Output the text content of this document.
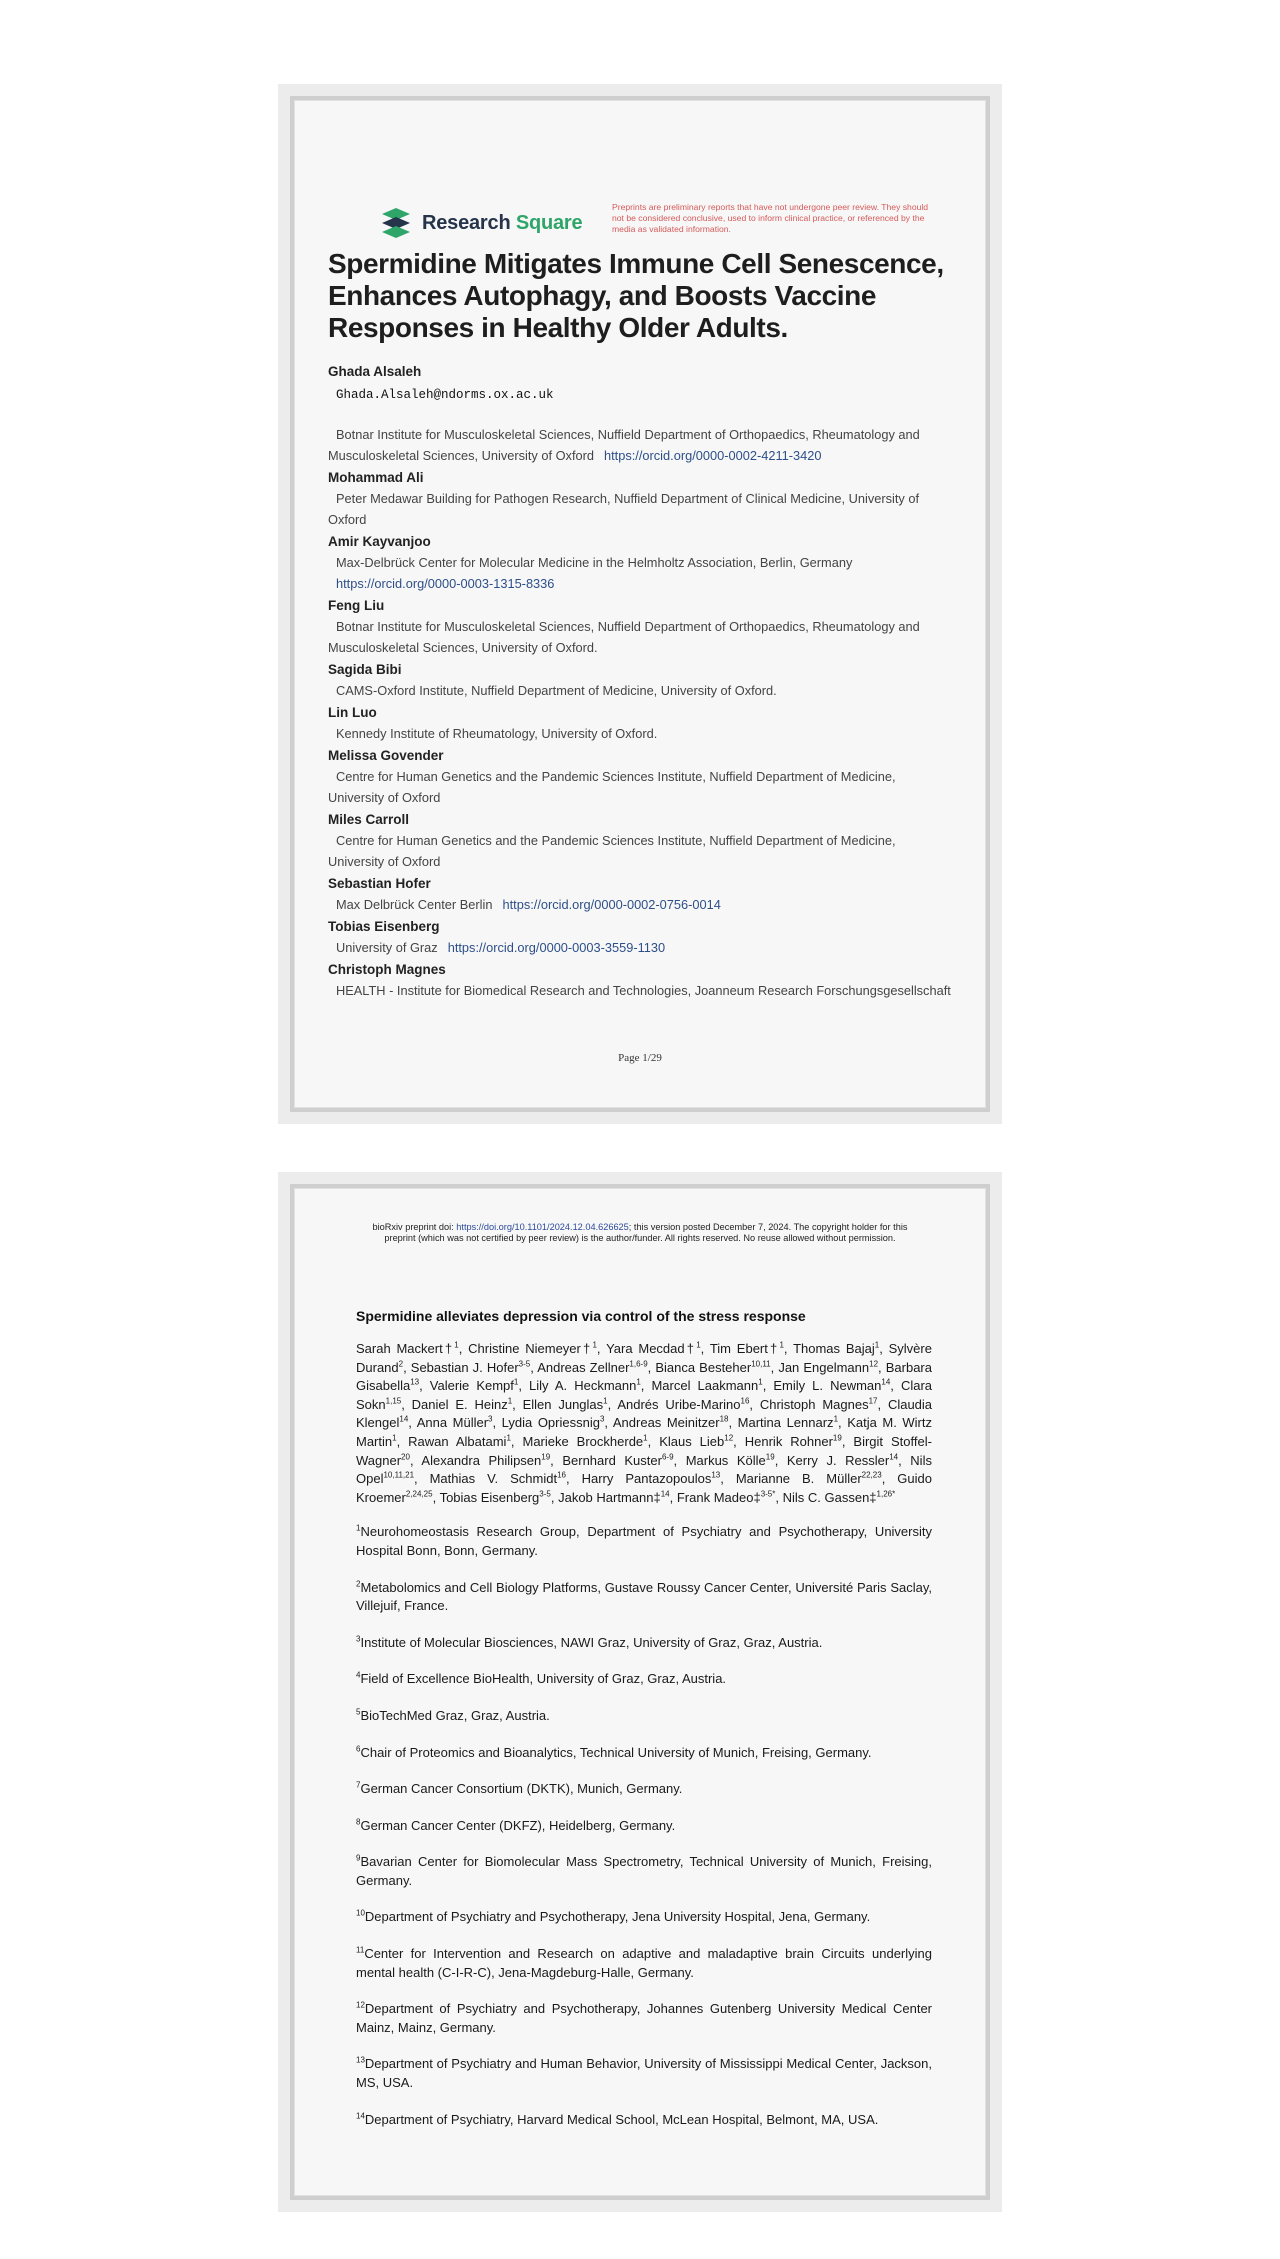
Research Square
Preprints are preliminary reports that have not undergone peer review. They should not be considered conclusive, used to inform clinical practice, or referenced by the media as validated information.
Spermidine Mitigates Immune Cell Senescence, Enhances Autophagy, and Boosts Vaccine Responses in Healthy Older Adults.
Ghada Alsaleh
Ghada.Alsaleh@ndorms.ox.ac.uk
Botnar Institute for Musculoskeletal Sciences, Nuffield Department of Orthopaedics, Rheumatology and Musculoskeletal Sciences, University of Oxford https://orcid.org/0000-0002-4211-3420
Mohammad Ali
Peter Medawar Building for Pathogen Research, Nuffield Department of Clinical Medicine, University of Oxford
Amir Kayvanjoo
Max-Delbrück Center for Molecular Medicine in the Helmholtz Association, Berlin, Germany
https://orcid.org/0000-0003-1315-8336
Feng Liu
Botnar Institute for Musculoskeletal Sciences, Nuffield Department of Orthopaedics, Rheumatology and Musculoskeletal Sciences, University of Oxford.
Sagida Bibi
CAMS-Oxford Institute, Nuffield Department of Medicine, University of Oxford.
Lin Luo
Kennedy Institute of Rheumatology, University of Oxford.
Melissa Govender
Centre for Human Genetics and the Pandemic Sciences Institute, Nuffield Department of Medicine, University of Oxford
Miles Carroll
Centre for Human Genetics and the Pandemic Sciences Institute, Nuffield Department of Medicine, University of Oxford
Sebastian Hofer
Max Delbrück Center Berlin https://orcid.org/0000-0002-0756-0014
Tobias Eisenberg
University of Graz https://orcid.org/0000-0003-3559-1130
Christoph Magnes
HEALTH - Institute for Biomedical Research and Technologies, Joanneum Research Forschungsgesellschaft
Page 1/29
bioRxiv preprint doi: https://doi.org/10.1101/2024.12.04.626625; this version posted December 7, 2024. The copyright holder for this
preprint (which was not certified by peer review) is the author/funder. All rights reserved. No reuse allowed without permission.
Spermidine alleviates depression via control of the stress response
Sarah Mackert†$^1$, Christine Niemeyer†$^1$, Yara Mecdad†$^1$, Tim Ebert†$^1$, Thomas Bajaj$^1$, Sylvère Durand$^2$, Sebastian J. Hofer$^{3-5}$, Andreas Zellner$^{1,6-9}$, Bianca Besteher$^{10,11}$, Jan Engelmann$^{12}$, Barbara Gisabella$^{13}$, Valerie Kempf$^1$, Lily A. Heckmann$^1$, Marcel Laakmann$^1$, Emily L. Newman$^{14}$, Clara Sokn$^{1,15}$, Daniel E. Heinz$^1$, Ellen Junglas$^1$, Andrés Uribe-Marino$^{16}$, Christoph Magnes$^{17}$, Claudia Klengel$^{14}$, Anna Müller$^3$, Lydia Opriessnig$^3$, Andreas Meinitzer$^{18}$, Martina Lennarz$^1$, Katja M. Wirtz Martin$^1$, Rawan Albatami$^1$, Marieke Brockherde$^1$, Klaus Lieb$^{12}$, Henrik Rohner$^{19}$, Birgit Stoffel-Wagner$^{20}$, Alexandra Philipsen$^{19}$, Bernhard Kuster$^{6-9}$, Markus Kölle$^{19}$, Kerry J. Ressler$^{14}$, Nils Opel$^{10,11,21}$, Mathias V. Schmidt$^{16}$, Harry Pantazopoulos$^{13}$, Marianne B. Müller$^{22,23}$, Guido Kroemer$^{2,24,25}$, Tobias Eisenberg$^{3-5}$, Jakob Hartmann‡$^{14}$, Frank Madeo‡$^{3-5*}$, Nils C. Gassen‡$^{1,26*}$
$^1$Neurohomeostasis Research Group, Department of Psychiatry and Psychotherapy, University Hospital Bonn, Bonn, Germany.
$^2$Metabolomics and Cell Biology Platforms, Gustave Roussy Cancer Center, Université Paris Saclay, Villejuif, France.
$^3$Institute of Molecular Biosciences, NAWI Graz, University of Graz, Graz, Austria.
$^4$Field of Excellence BioHealth, University of Graz, Graz, Austria.
$^5$BioTechMed Graz, Graz, Austria.
$^6$Chair of Proteomics and Bioanalytics, Technical University of Munich, Freising, Germany.
$^7$German Cancer Consortium (DKTK), Munich, Germany.
$^8$German Cancer Center (DKFZ), Heidelberg, Germany.
$^9$Bavarian Center for Biomolecular Mass Spectrometry, Technical University of Munich, Freising, Germany.
$^{10}$Department of Psychiatry and Psychotherapy, Jena University Hospital, Jena, Germany.
$^{11}$Center for Intervention and Research on adaptive and maladaptive brain Circuits underlying mental health (C-I-R-C), Jena-Magdeburg-Halle, Germany.
$^{12}$Department of Psychiatry and Psychotherapy, Johannes Gutenberg University Medical Center Mainz, Mainz, Germany.
$^{13}$Department of Psychiatry and Human Behavior, University of Mississippi Medical Center, Jackson, MS, USA.
$^{14}$Department of Psychiatry, Harvard Medical School, McLean Hospital, Belmont, MA, USA.
